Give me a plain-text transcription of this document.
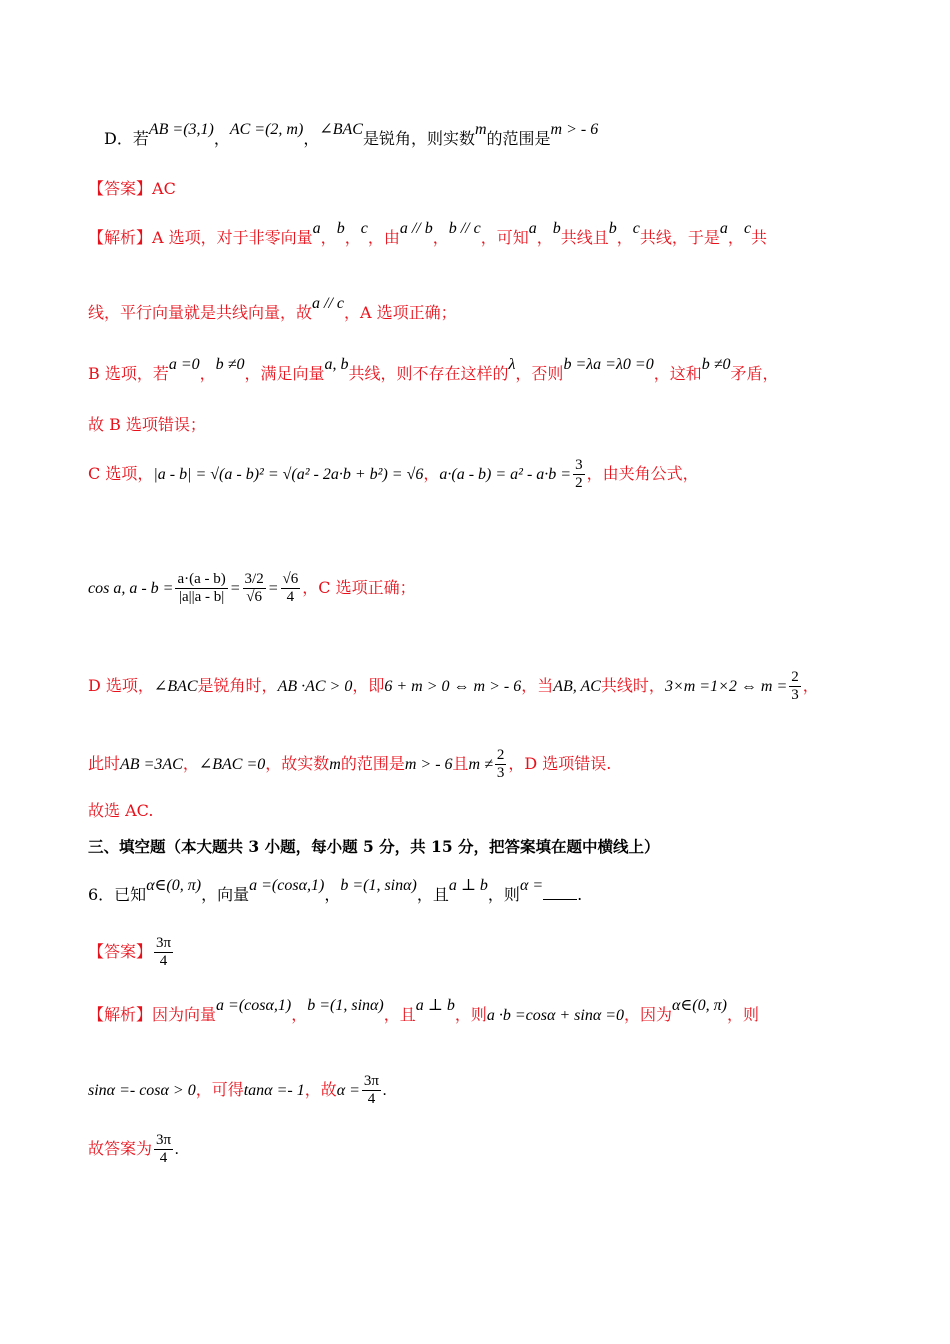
D．若AB =(3,1)，AC =(2, m)，∠BAC是锐角，则实数m的范围是m > - 6
【答案】AC
【解析】A 选项，对于非零向量a，b，c，由a // b，b // c，可知a，b共线且b，c共线，于是a，c共
线，平行向量就是共线向量，故a // c，A 选项正确；
B 选项，若a =0，b ≠0，满足向量a, b共线，则不存在这样的λ，否则b =λa =λ0 =0，这和b ≠0矛盾，
故 B 选项错误；
C 选项，|a - b| = √(a - b)² = √(a² - 2a·b + b²) = √6，$a\cdot(a - b) = a^2 - a\cdot b = \frac{3}{2}$ ，由夹角公式，
cos a, $a - b = \frac{a\cdot(a - b)}{|a||a - b|} = \frac{3/2}{√6} = \frac{√6}{4}$ ，C 选项正确；
D 选项，∠BAC是锐角时，AB ·AC > 0，即6 + m > 0 ⇔ m > - 6，当AB, AC共线时，3×m =1×2 ⇔ $m = \frac{2}{3}$ ，
此时AB =3AC，∠BAC =0，故实数m的范围是m > - 6且$m \ne \frac{2}{3}$ ，D 选项错误.
故选 AC.
三、填空题（本大题共 3 小题，每小题 5 分，共 15 分，把答案填在题中横线上）
6．已知α∈(0, π)，向量a =(cosα,1)，b =(1, sinα)，且a ⊥ b，则α = .
【答案】 $\frac{3\pi}{4}$
【解析】因为向量a =(cosα,1)，b =(1, sinα)，且a ⊥ b，则a ·b =cosα + sinα =0，因为α∈(0, π)，则
sinα =- cosα > 0，可得tanα =- 1，故$\alpha = \frac{3\pi}{4}$ .
故答案为 $\frac{3\pi}{4}$ .
